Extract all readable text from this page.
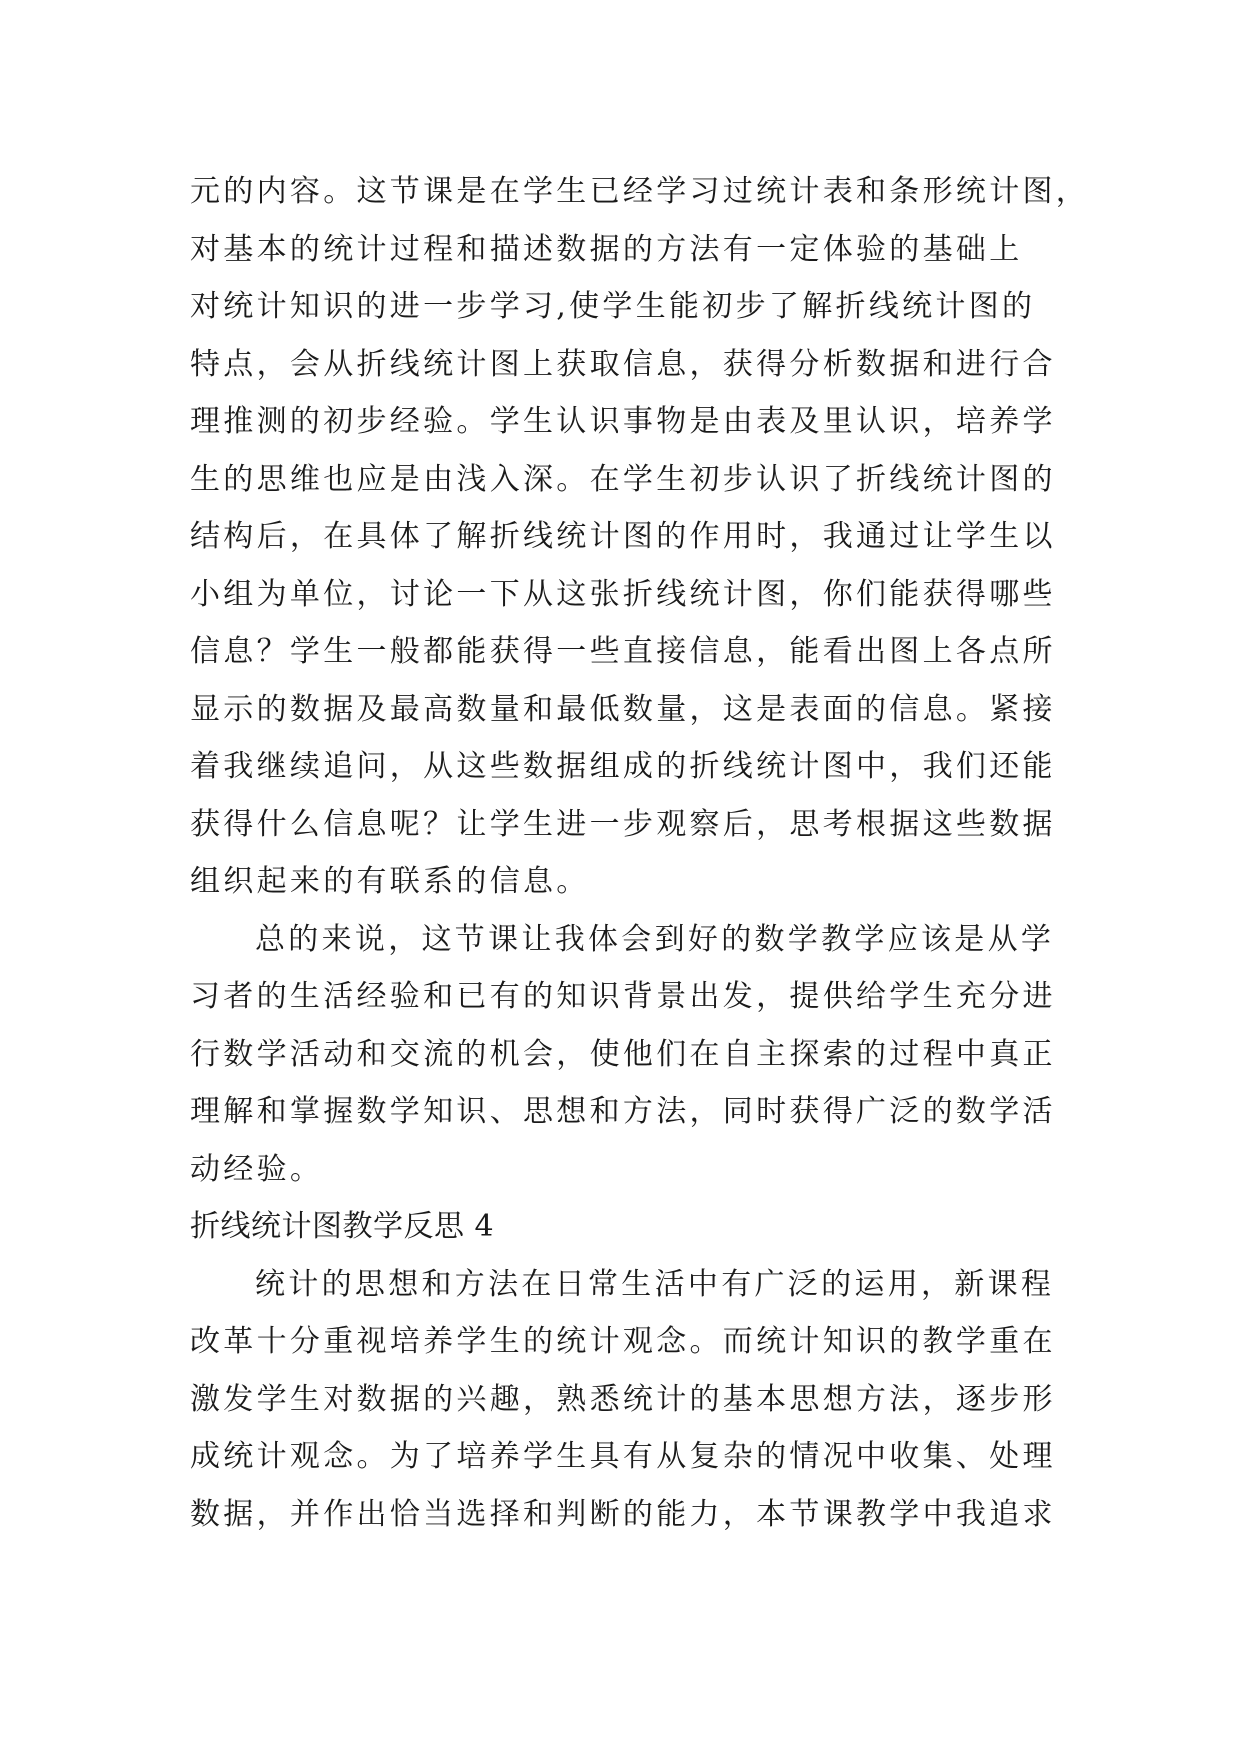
元的内容。这节课是在学生已经学习过统计表和条形统计图，
对基本的统计过程和描述数据的方法有一定体验的基础上
对统计知识的进一步学习,使学生能初步了解折线统计图的
特点，会从折线统计图上获取信息，获得分析数据和进行合
理推测的初步经验。学生认识事物是由表及里认识，培养学
生的思维也应是由浅入深。在学生初步认识了折线统计图的
结构后，在具体了解折线统计图的作用时，我通过让学生以
小组为单位，讨论一下从这张折线统计图，你们能获得哪些
信息？学生一般都能获得一些直接信息，能看出图上各点所
显示的数据及最高数量和最低数量，这是表面的信息。紧接
着我继续追问，从这些数据组成的折线统计图中，我们还能
获得什么信息呢？让学生进一步观察后，思考根据这些数据
组织起来的有联系的信息。
总的来说，这节课让我体会到好的数学教学应该是从学
习者的生活经验和已有的知识背景出发，提供给学生充分进
行数学活动和交流的机会，使他们在自主探索的过程中真正
理解和掌握数学知识、思想和方法，同时获得广泛的数学活
动经验。
折线统计图教学反思 4
统计的思想和方法在日常生活中有广泛的运用，新课程
改革十分重视培养学生的统计观念。而统计知识的教学重在
激发学生对数据的兴趣，熟悉统计的基本思想方法，逐步形
成统计观念。为了培养学生具有从复杂的情况中收集、处理
数据，并作出恰当选择和判断的能力，本节课教学中我追求
